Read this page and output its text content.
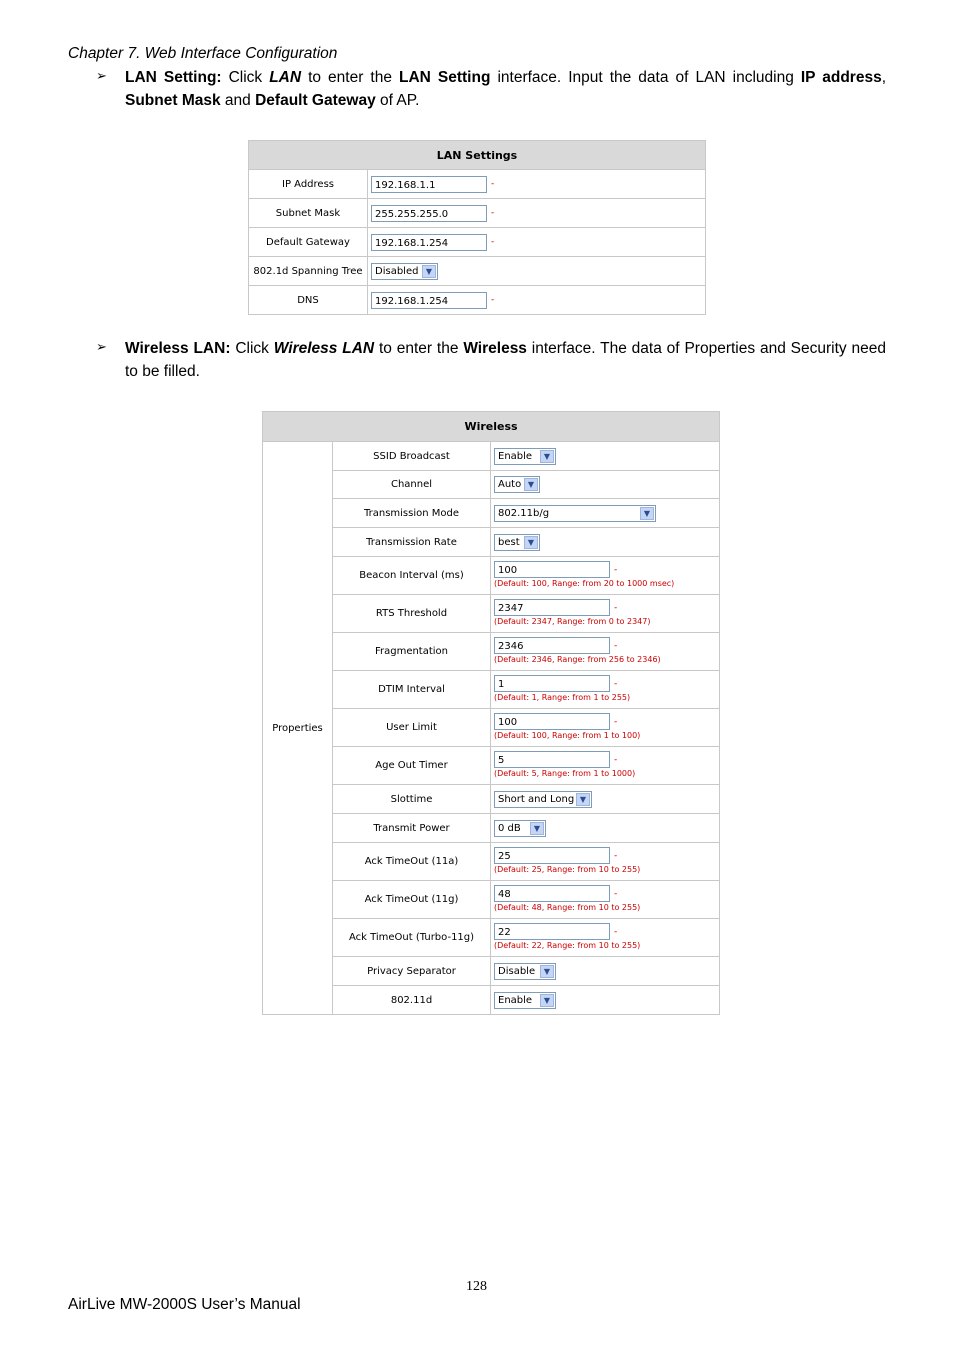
Chapter 7. Web Interface Configuration
➢ LAN Setting: Click LAN to enter the LAN Setting interface. Input the data of LAN including IP address, Subnet Mask and Default Gateway of AP.
LAN Settings	
IP Address	192.168.1.1 -
Subnet Mask	255.255.255.0 -
Default Gateway	192.168.1.254 -
802.1d Spanning Tree	Disabled ▼

DNS	192.168.1.254 -
➢ Wireless LAN: Click Wireless LAN to enter the Wireless interface. The data of Properties and Security need to be filled.
Wireless		
Properties	SSID Broadcast	Enable ▼

	Channel	Auto ▼

	Transmission Mode	802.11b/g ▼

	Transmission Rate	best ▼

	Beacon Interval (ms)	100 -
(Default: 100, Range: from 20 to 1000 msec)

	RTS Threshold	2347 -
(Default: 2347, Range: from 0 to 2347)

	Fragmentation	2346 -
(Default: 2346, Range: from 256 to 2346)

	DTIM Interval	1 -
(Default: 1, Range: from 1 to 255)

	User Limit	100 -
(Default: 100, Range: from 1 to 100)

	Age Out Timer	5 -
(Default: 5, Range: from 1 to 1000)

	Slottime	Short and Long ▼

	Transmit Power	0 dB ▼

	Ack TimeOut (11a)	25 -
(Default: 25, Range: from 10 to 255)

	Ack TimeOut (11g)	48 -
(Default: 48, Range: from 10 to 255)

	Ack TimeOut (Turbo-11g)	22 -
(Default: 22, Range: from 10 to 255)

	Privacy Separator	Disable ▼

	802.11d	Enable ▼
128
AirLive MW-2000S User’s Manual
